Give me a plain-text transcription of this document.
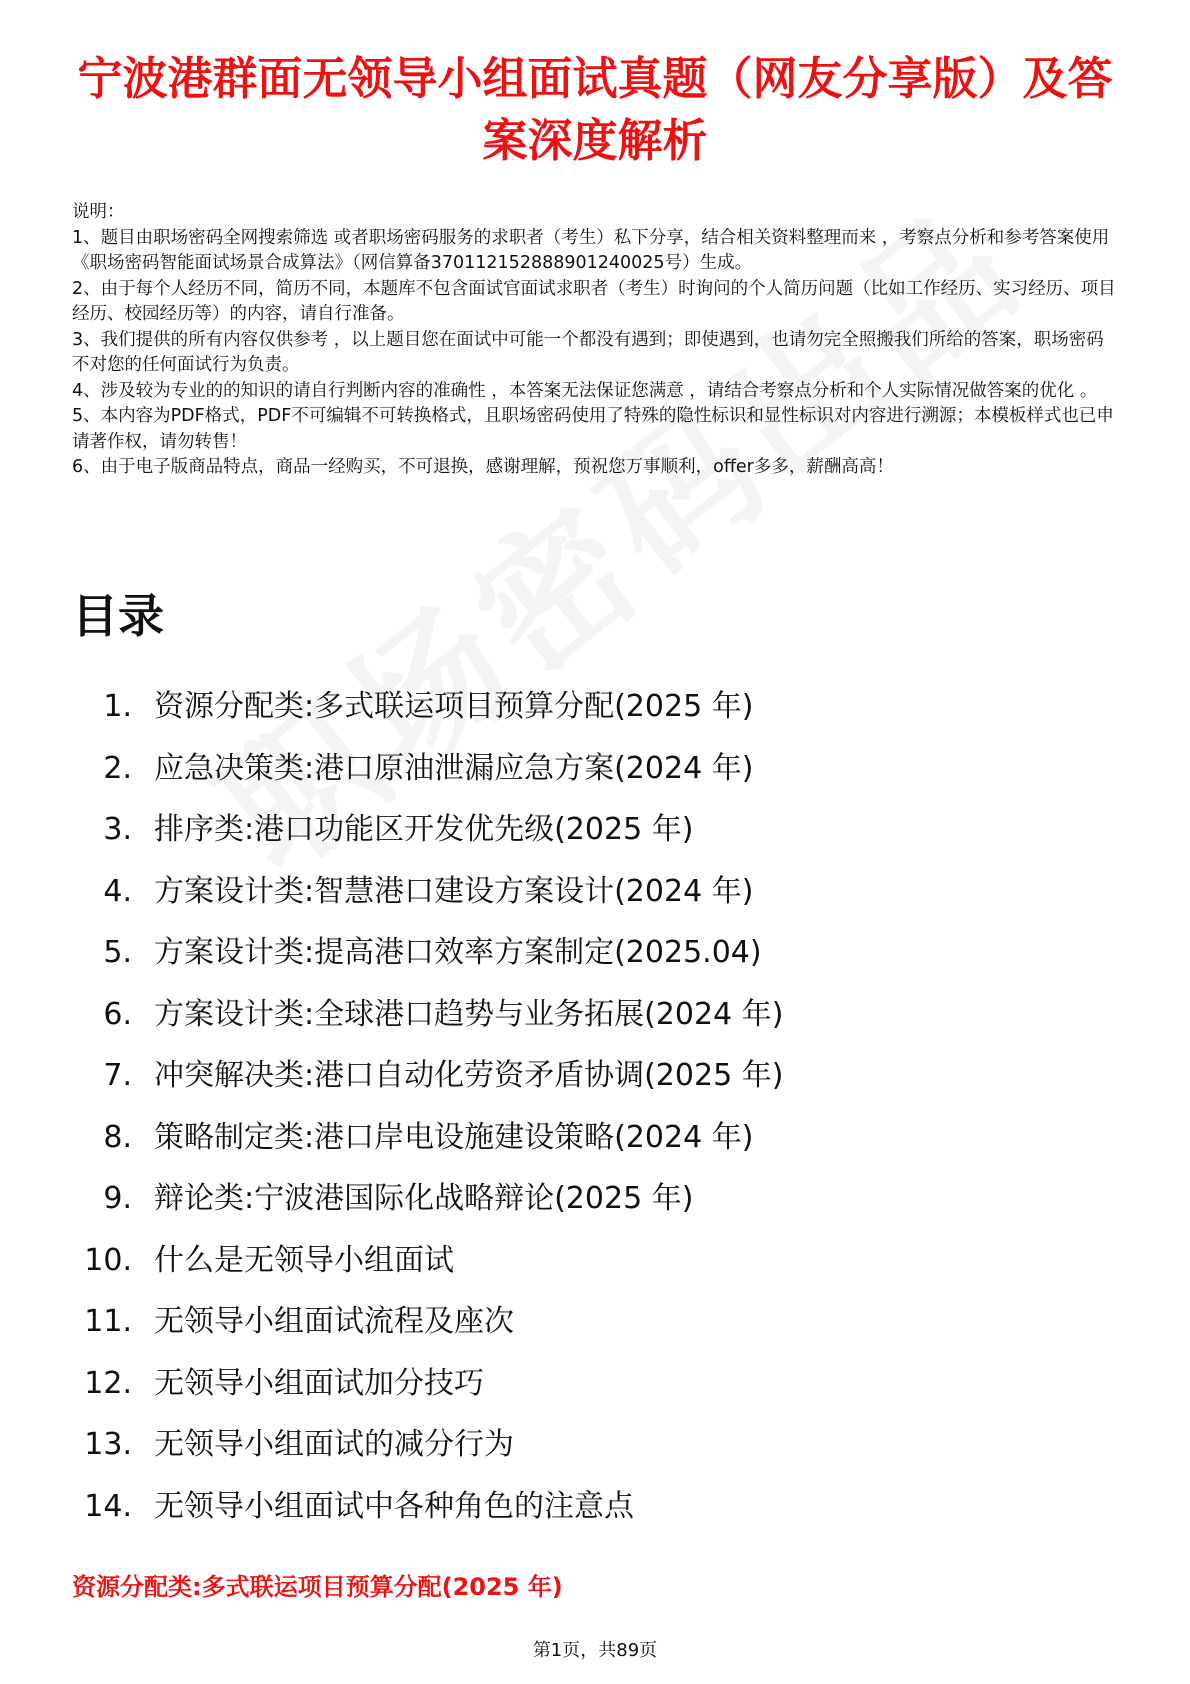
宁波港群面无领导小组面试真题（网友分享版）及答案深度解析

说明：

1、题目由职场密码全网搜索筛选 或者职场密码服务的求职者（考生）私下分享，结合相关资料整理而来 ，考察点分析和参考答案使用《职场密码智能面试场景合成算法》（网信算备370112152888901240025号）生成。

2、由于每个人经历不同，简历不同，本题库不包含面试官面试求职者（考生）时询问的个人简历问题（比如工作经历、实习经历、项目经历、校园经历等）的内容，请自行准备。

3、我们提供的所有内容仅供参考 ，以上题目您在面试中可能一个都没有遇到；即使遇到，也请勿完全照搬我们所给的答案，职场密码不对您的任何面试行为负责。

4、涉及较为专业的的知识的请自行判断内容的准确性 ，本答案无法保证您满意 ，请结合考察点分析和个人实际情况做答案的优化 。

5、本内容为PDF格式，PDF不可编辑不可转换格式，且职场密码使用了特殊的隐性标识和显性标识对内容进行溯源；本模板样式也已申请著作权，请勿转售！

6、由于电子版商品特点，商品一经购买，不可退换，感谢理解，预祝您万事顺利，offer多多，薪酬高高！

目录
1. 资源分配类:多式联运项目预算分配(2025 年)
2. 应急决策类:港口原油泄漏应急方案(2024 年)
3. 排序类:港口功能区开发优先级(2025 年)
4. 方案设计类:智慧港口建设方案设计(2024 年)
5. 方案设计类:提高港口效率方案制定(2025.04)
6. 方案设计类:全球港口趋势与业务拓展(2024 年)
7. 冲突解决类:港口自动化劳资矛盾协调(2025 年)
8. 策略制定类:港口岸电设施建设策略(2024 年)
9. 辩论类:宁波港国际化战略辩论(2025 年)
10. 什么是无领导小组面试
11. 无领导小组面试流程及座次
12. 无领导小组面试加分技巧
13. 无领导小组面试的减分行为
14. 无领导小组面试中各种角色的注意点
资源分配类:多式联运项目预算分配(2025 年)
第1页，共89页
